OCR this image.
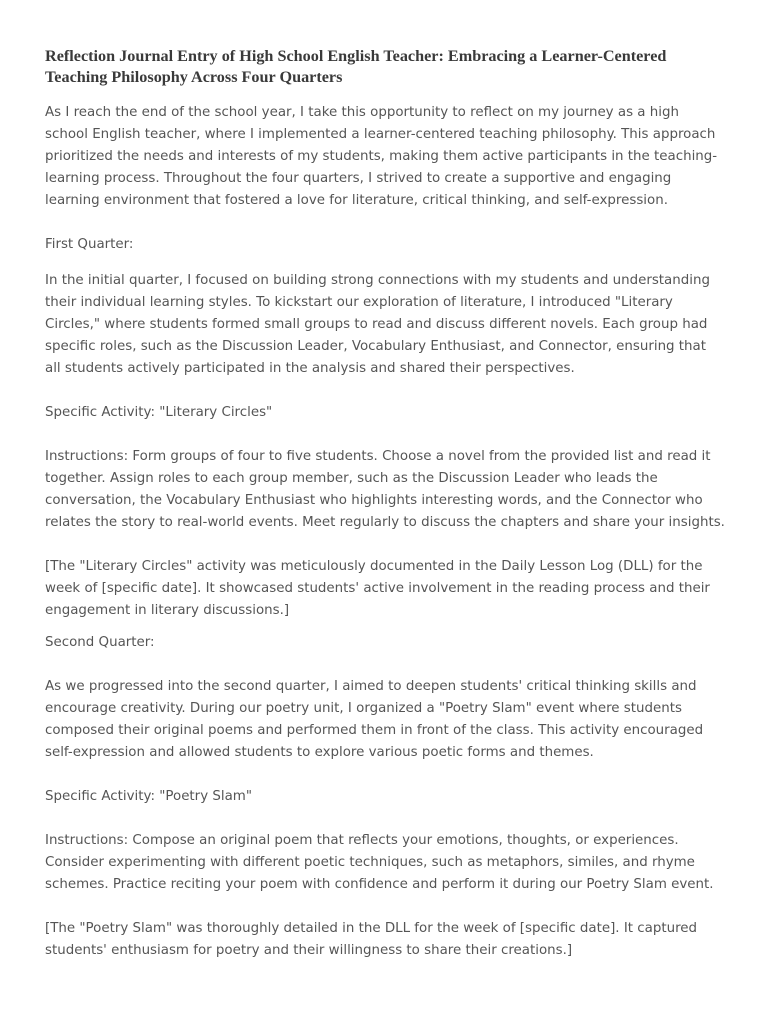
Reflection Journal Entry of High School English Teacher: Embracing a Learner-Centered Teaching Philosophy Across Four Quarters

As I reach the end of the school year, I take this opportunity to reflect on my journey as a high school English teacher, where I implemented a learner-centered teaching philosophy. This approach prioritized the needs and interests of my students, making them active participants in the teaching-learning process. Throughout the four quarters, I strived to create a supportive and engaging learning environment that fostered a love for literature, critical thinking, and self-expression.

First Quarter:

In the initial quarter, I focused on building strong connections with my students and understanding their individual learning styles. To kickstart our exploration of literature, I introduced "Literary Circles," where students formed small groups to read and discuss different novels. Each group had specific roles, such as the Discussion Leader, Vocabulary Enthusiast, and Connector, ensuring that all students actively participated in the analysis and shared their perspectives.

Specific Activity: "Literary Circles"

Instructions: Form groups of four to five students. Choose a novel from the provided list and read it together. Assign roles to each group member, such as the Discussion Leader who leads the conversation, the Vocabulary Enthusiast who highlights interesting words, and the Connector who relates the story to real-world events. Meet regularly to discuss the chapters and share your insights.

[The "Literary Circles" activity was meticulously documented in the Daily Lesson Log (DLL) for the week of [specific date]. It showcased students' active involvement in the reading process and their engagement in literary discussions.]

Second Quarter:

As we progressed into the second quarter, I aimed to deepen students' critical thinking skills and encourage creativity. During our poetry unit, I organized a "Poetry Slam" event where students composed their original poems and performed them in front of the class. This activity encouraged self-expression and allowed students to explore various poetic forms and themes.

Specific Activity: "Poetry Slam"

Instructions: Compose an original poem that reflects your emotions, thoughts, or experiences. Consider experimenting with different poetic techniques, such as metaphors, similes, and rhyme schemes. Practice reciting your poem with confidence and perform it during our Poetry Slam event.

[The "Poetry Slam" was thoroughly detailed in the DLL for the week of [specific date]. It captured students' enthusiasm for poetry and their willingness to share their creations.]
